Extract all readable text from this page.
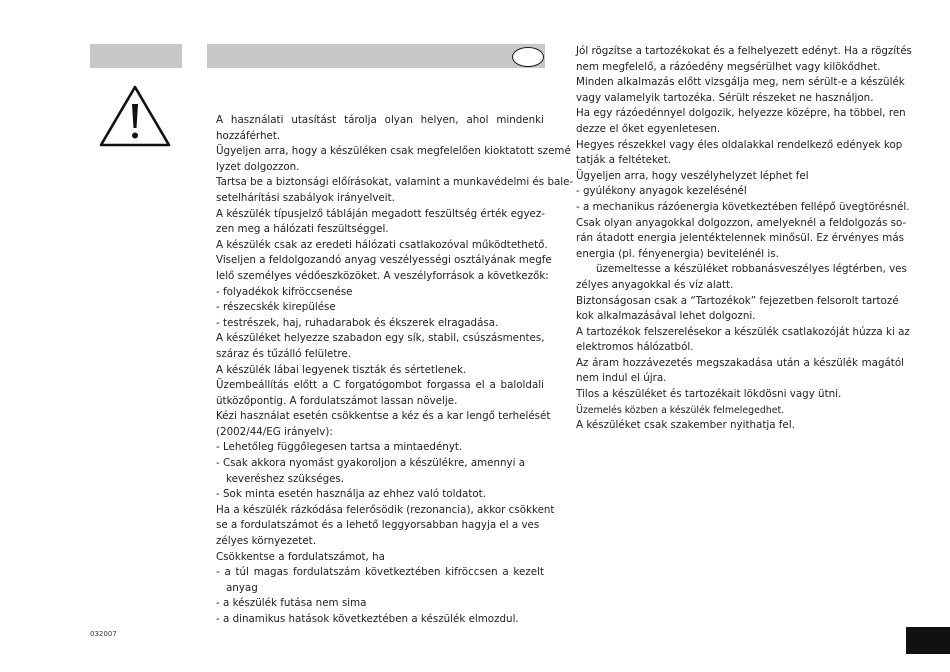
A használati utasítást tárolja olyan helyen, ahol mindenki

hozzáférhet.

Ügyeljen arra, hogy a készüléken csak megfelelően kioktatott szemé

lyzet dolgozzon.

Tartsa be a biztonsági előírásokat, valamint a munkavédelmi és bale-

setelhárítási szabályok irányelveit.

A készülék típusjelző tábláján megadott feszültség érték egyez-

zen meg a hálózati feszültséggel.

A készülék csak az eredeti hálózati csatlakozóval működtethető.

Viseljen a feldolgozandó anyag veszélyességi osztályának megfe

lelő személyes védőeszközöket. A veszélyforrások a következők:

- folyadékok kifröccsenése

- részecskék kirepülése

- testrészek, haj, ruhadarabok és ékszerek elragadása.

A készüléket helyezze szabadon egy sík, stabil, csúszásmentes,

száraz és tűzálló felületre.

A készülék lábai legyenek tiszták és sértetlenek.

Üzembeállítás előtt a C forgatógombot forgassa el a baloldali

ütközőpontig. A fordulatszámot lassan növelje.

Kézi használat esetén csökkentse a kéz és a kar lengő terhelését

(2002/44/EG irányelv):

- Lehetőleg függőlegesen tartsa a mintaedényt.

- Csak akkora nyomást gyakoroljon a készülékre, amennyi a

keveréshez szükséges.

- Sok minta esetén használja az ehhez való toldatot.

Ha a készülék rázkódása felerősödik (rezonancia), akkor csökkent

se a fordulatszámot és a lehető leggyorsabban hagyja el a ves

zélyes környezetet.

Csökkentse a fordulatszámot, ha

- a túl magas fordulatszám következtében kifröccsen a kezelt

anyag

- a készülék futása nem sima

- a dinamikus hatások következtében a készülék elmozdul.

Jól rögzítse a tartozékokat és a felhelyezett edényt. Ha a rögzítés

nem megfelelő, a rázóedény megsérülhet vagy kilökődhet.

Minden alkalmazás előtt vizsgálja meg, nem sérült-e a készülék

vagy valamelyik tartozéka. Sérült részeket ne használjon.

Ha egy rázóedénnyel dolgozik, helyezze középre, ha többel, ren

dezze el őket egyenletesen.

Hegyes részekkel vagy éles oldalakkal rendelkező edények kop

tatják a feltéteket.

Ügyeljen arra, hogy veszélyhelyzet léphet fel

- gyúlékony anyagok kezelésénél

- a mechanikus rázóenergia következtében fellépő üvegtörésnél.

Csak olyan anyagokkal dolgozzon, amelyeknél a feldolgozás so-

rán átadott energia jelentéktelennek minősül. Ez érvényes más

energia (pl. fényenergia) bevitelénél is.

üzemeltesse a készüléket robbanásveszélyes légtérben, ves

zélyes anyagokkal és víz alatt.

Biztonságosan csak a “Tartozékok” fejezetben felsorolt tartozé

kok alkalmazásával lehet dolgozni.

A tartozékok felszerelésekor a készülék csatlakozóját húzza ki az

elektromos hálózatból.

Az áram hozzávezetés megszakadása után a készülék magától

nem indul el újra.

Tilos a készüléket és tartozékait lökdösni vagy ütni.

Üzemelés közben a készülék felmelegedhet.

A készüléket csak szakember nyithatja fel.

032007
